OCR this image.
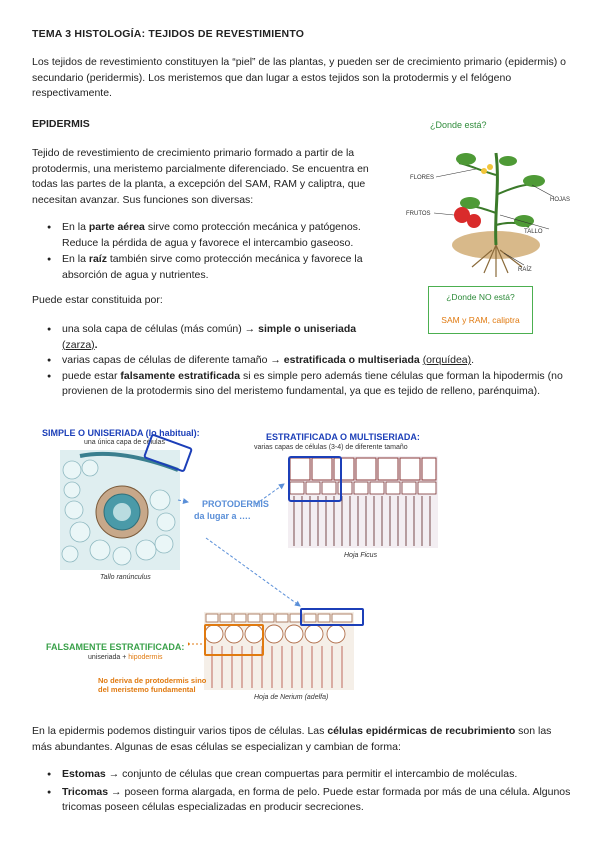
TEMA 3 HISTOLOGÍA: TEJIDOS DE REVESTIMIENTO
Los tejidos de revestimiento constituyen la “piel” de las plantas, y pueden ser de crecimiento primario (epidermis) o secundario (peridermis). Los meristemos que dan lugar a estos tejidos son la protodermis y el felógeno respectivamente.
EPIDERMIS
Tejido de revestimiento de crecimiento primario formado a partir de la protodermis, una meristemo parcialmente diferenciado. Se encuentra en todas las partes de la planta, a excepción del SAM, RAM y caliptra, que necesitan avanzar. Sus funciones son diversas:
● En la parte aérea sirve como protección mecánica y patógenos. Reduce la pérdida de agua y favorece el intercambio gaseoso.
● En la raíz también sirve como protección mecánica y favorece la absorción de agua y nutrientes.
Puede estar constituida por:
● una sola capa de células (más común) → simple o uniseriada
(zarza).
● varias capas de células de diferente tamaño → estratificada o multiseriada (orquídea).
● puede estar falsamente estratificada si es simple pero además tiene células que forman la hipodermis (no provienen de la protodermis sino del meristemo fundamental, ya que es tejido de relleno, parénquima).
¿Donde está?
FLORES
FRUTOS
HOJAS
TALLO
RAÍZ
¿Donde NO está?
SAM y RAM, caliptra
SIMPLE O UNISERIADA (lo habitual):
una única capa de células
Tallo ranúnculus
ESTRATIFICADA O MULTISERIADA:
varias capas de células (3-4) de diferente tamaño
Hoja Ficus
PROTODERMIS
da lugar a ….
Hoja de Nerium (adelfa)
FALSAMENTE ESTRATIFICADA:
uniseriada + hipodermis
No deriva de protodermis sino del meristemo fundamental
En la epidermis podemos distinguir varios tipos de células. Las células epidérmicas de recubrimiento son las más abundantes. Algunas de esas células se especializan y cambian de forma:
● Estomas → conjunto de células que crean compuertas para permitir el intercambio de moléculas.
● Tricomas → poseen forma alargada, en forma de pelo. Puede estar formada por más de una célula. Algunos tricomas poseen células especializadas en producir secreciones.
